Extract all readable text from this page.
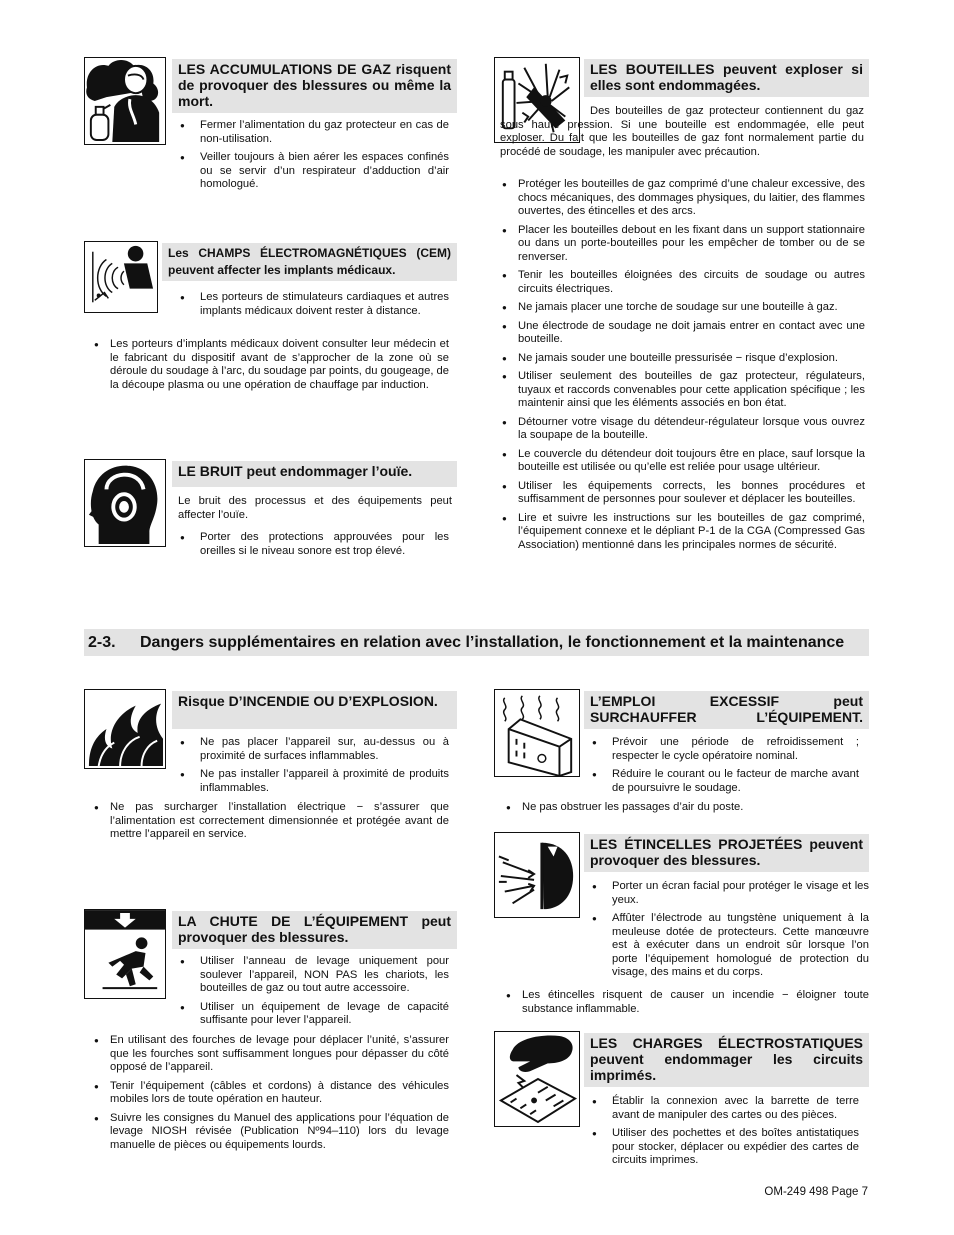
LES ACCUMULATIONS DE GAZ risquent de provoquer des blessures ou même la mort.
● Fermer l’alimentation du gaz protecteur en cas de non-utilisation.
● Veiller toujours à bien aérer les espaces confinés ou se servir d’un respirateur d’adduction d’air homologué.
Les CHAMPS ÉLECTROMAGNÉTIQUES (CEM) peuvent affecter les implants médicaux.
● Les porteurs de stimulateurs cardiaques et autres implants médicaux doivent rester à distance.
● Les porteurs d’implants médicaux doivent consulter leur médecin et le fabricant du dispositif avant de s’approcher de la zone où se déroule du soudage à l’arc, du soudage par points, du gougeage, de la découpe plasma ou une opération de chauffage par induction.
LE BRUIT peut endommager l’ouïe.
Le bruit des processus et des équipements peut affecter l’ouïe.
● Porter des protections approuvées pour les oreilles si le niveau sonore est trop élevé.
LES BOUTEILLES peuvent exploser si elles sont endommagées.
Des bouteilles de gaz protecteur contiennent du gaz sous haute pression. Si une bouteille est endommagée, elle peut exploser. Du fait que les bouteilles de gaz font normalement partie du procédé de soudage, les manipuler avec précaution.
● Protéger les bouteilles de gaz comprimé d’une chaleur excessive, des chocs mécaniques, des dommages physiques, du laitier, des flammes ouvertes, des étincelles et des arcs.
● Placer les bouteilles debout en les fixant dans un support stationnaire ou dans un porte-bouteilles pour les empêcher de tomber ou de se renverser.
● Tenir les bouteilles éloignées des circuits de soudage ou autres circuits électriques.
● Ne jamais placer une torche de soudage sur une bouteille à gaz.
● Une électrode de soudage ne doit jamais entrer en contact avec une bouteille.
● Ne jamais souder une bouteille pressurisée − risque d’explosion.
● Utiliser seulement des bouteilles de gaz protecteur, régulateurs, tuyaux et raccords convenables pour cette application spécifique ; les maintenir ainsi que les éléments associés en bon état.
● Détourner votre visage du détendeur-régulateur lorsque vous ouvrez la soupape de la bouteille.
● Le couvercle du détendeur doit toujours être en place, sauf lorsque la bouteille est utilisée ou qu’elle est reliée pour usage ultérieur.
● Utiliser les équipements corrects, les bonnes procédures et suffisamment de personnes pour soulever et déplacer les bouteilles.
● Lire et suivre les instructions sur les bouteilles de gaz comprimé, l’équipement connexe et le dépliant P-1 de la CGA (Compressed Gas Association) mentionné dans les principales normes de sécurité.
2-3. Dangers supplémentaires en relation avec l’installation, le fonctionnement et la maintenance
Risque D’INCENDIE OU D’EXPLOSION.
● Ne pas placer l’appareil sur, au-dessus ou à proximité de surfaces inflammables.
● Ne pas installer l’appareil à proximité de produits inflammables.
● Ne pas surcharger l’installation électrique − s’assurer que l’alimentation est correctement dimensionnée et protégée avant de mettre l’appareil en service.
LA CHUTE DE L’ÉQUIPEMENT peut provoquer des blessures.
● Utiliser l’anneau de levage uniquement pour soulever l’appareil, NON PAS les chariots, les bouteilles de gaz ou tout autre accessoire.
● Utiliser un équipement de levage de capacité suffisante pour lever l’appareil.
● En utilisant des fourches de levage pour déplacer l’unité, s’assurer que les fourches sont suffisamment longues pour dépasser du côté opposé de l’appareil.
● Tenir l’équipement (câbles et cordons) à distance des véhicules mobiles lors de toute opération en hauteur.
● Suivre les consignes du Manuel des applications pour l’équation de levage NIOSH révisée (Publication Nº94–110) lors du levage manuelle de pièces ou équipements lourds.
L’EMPLOI EXCESSIF peut SURCHAUFFER L’ÉQUIPEMENT.
● Prévoir une période de refroidissement ; respecter le cycle opératoire nominal.
● Réduire le courant ou le facteur de marche avant de poursuivre le soudage.
● Ne pas obstruer les passages d’air du poste.
LES ÉTINCELLES PROJETÉES peuvent provoquer des blessures.
● Porter un écran facial pour protéger le visage et les yeux.
● Affûter l’électrode au tungstène uniquement à la meuleuse dotée de protecteurs. Cette manœuvre est à exécuter dans un endroit sûr lorsque l’on porte l’équipement homologué de protection du visage, des mains et du corps.
● Les étincelles risquent de causer un incendie − éloigner toute substance inflammable.
LES CHARGES ÉLECTROSTATIQUES peuvent endommager les circuits imprimés.
● Établir la connexion avec la barrette de terre avant de manipuler des cartes ou des pièces.
● Utiliser des pochettes et des boîtes antistatiques pour stocker, déplacer ou expédier des cartes de circuits imprimes.
OM-249 498 Page 7
